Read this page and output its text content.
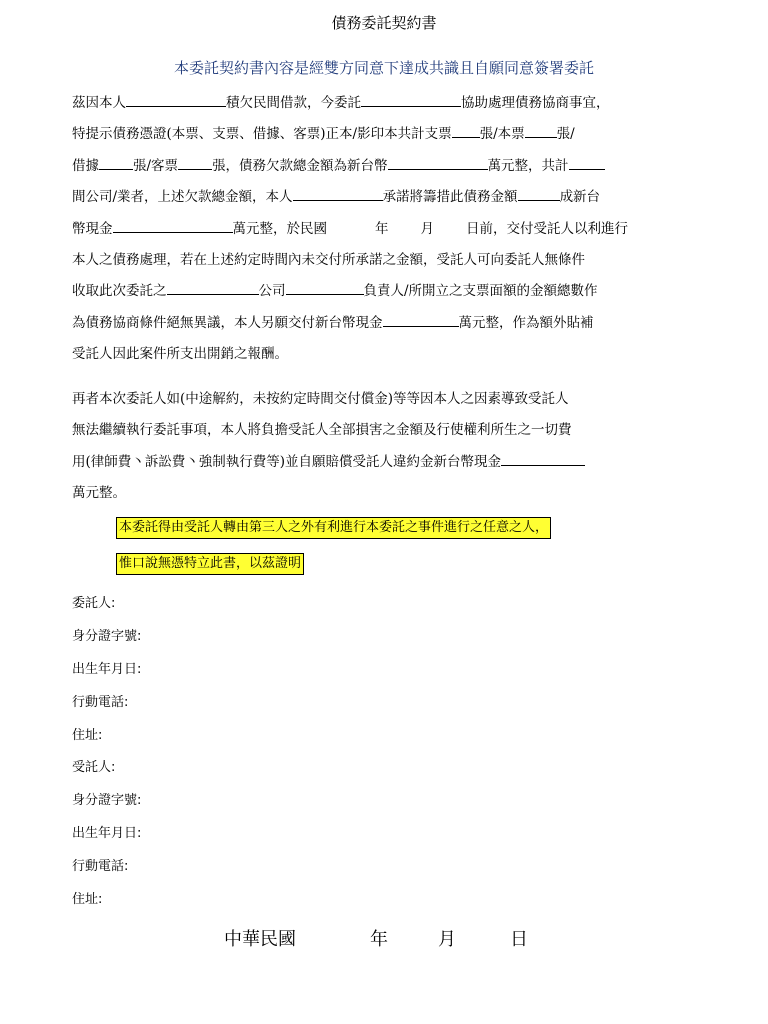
債務委託契約書
本委託契約書內容是經雙方同意下達成共識且自願同意簽署委託
茲因本人	積欠民間借款，今委託	協助處理債務協商事宜，
特提示債務憑證(本票、支票、借據、客票)正本/影印本共計支票 張/本票 張/
借據	張/客票	張，債務欠款總金額為新台幣	萬元整，共計
間公司/業者，上述欠款總金額，本人	承諾將籌措此債務金額	成新台
幣現金	萬元整，於民國	年 月 日前，交付受託人以利進行
本人之債務處理，若在上述約定時間內未交付所承諾之金額，受託人可向委託人無條件
收取此次委託之	公司	負責人/所開立之支票面額的金額總數作
為債務協商條件絕無異議，本人另願交付新台幣現金	萬元整，作為額外貼補
受託人因此案件所支出開銷之報酬。
再者本次委託人如(中途解約，未按約定時間交付償金)等等因本人之因素導致受託人
無法繼續執行委託事項，本人將負擔受託人全部損害之金額及行使權利所生之一切費
用(律師費丶訴訟費丶強制執行費等)並自願賠償受託人違約金新台幣現金
萬元整。
本委託得由受託人轉由第三人之外有利進行本委託之事件進行之任意之人，
惟口說無憑特立此書，以茲證明
委託人:
身分證字號:
出生年月日:
行動電話:
住址:
受託人:
身分證字號:
出生年月日:
行動電話:
住址:
中華民國	年	月	日
